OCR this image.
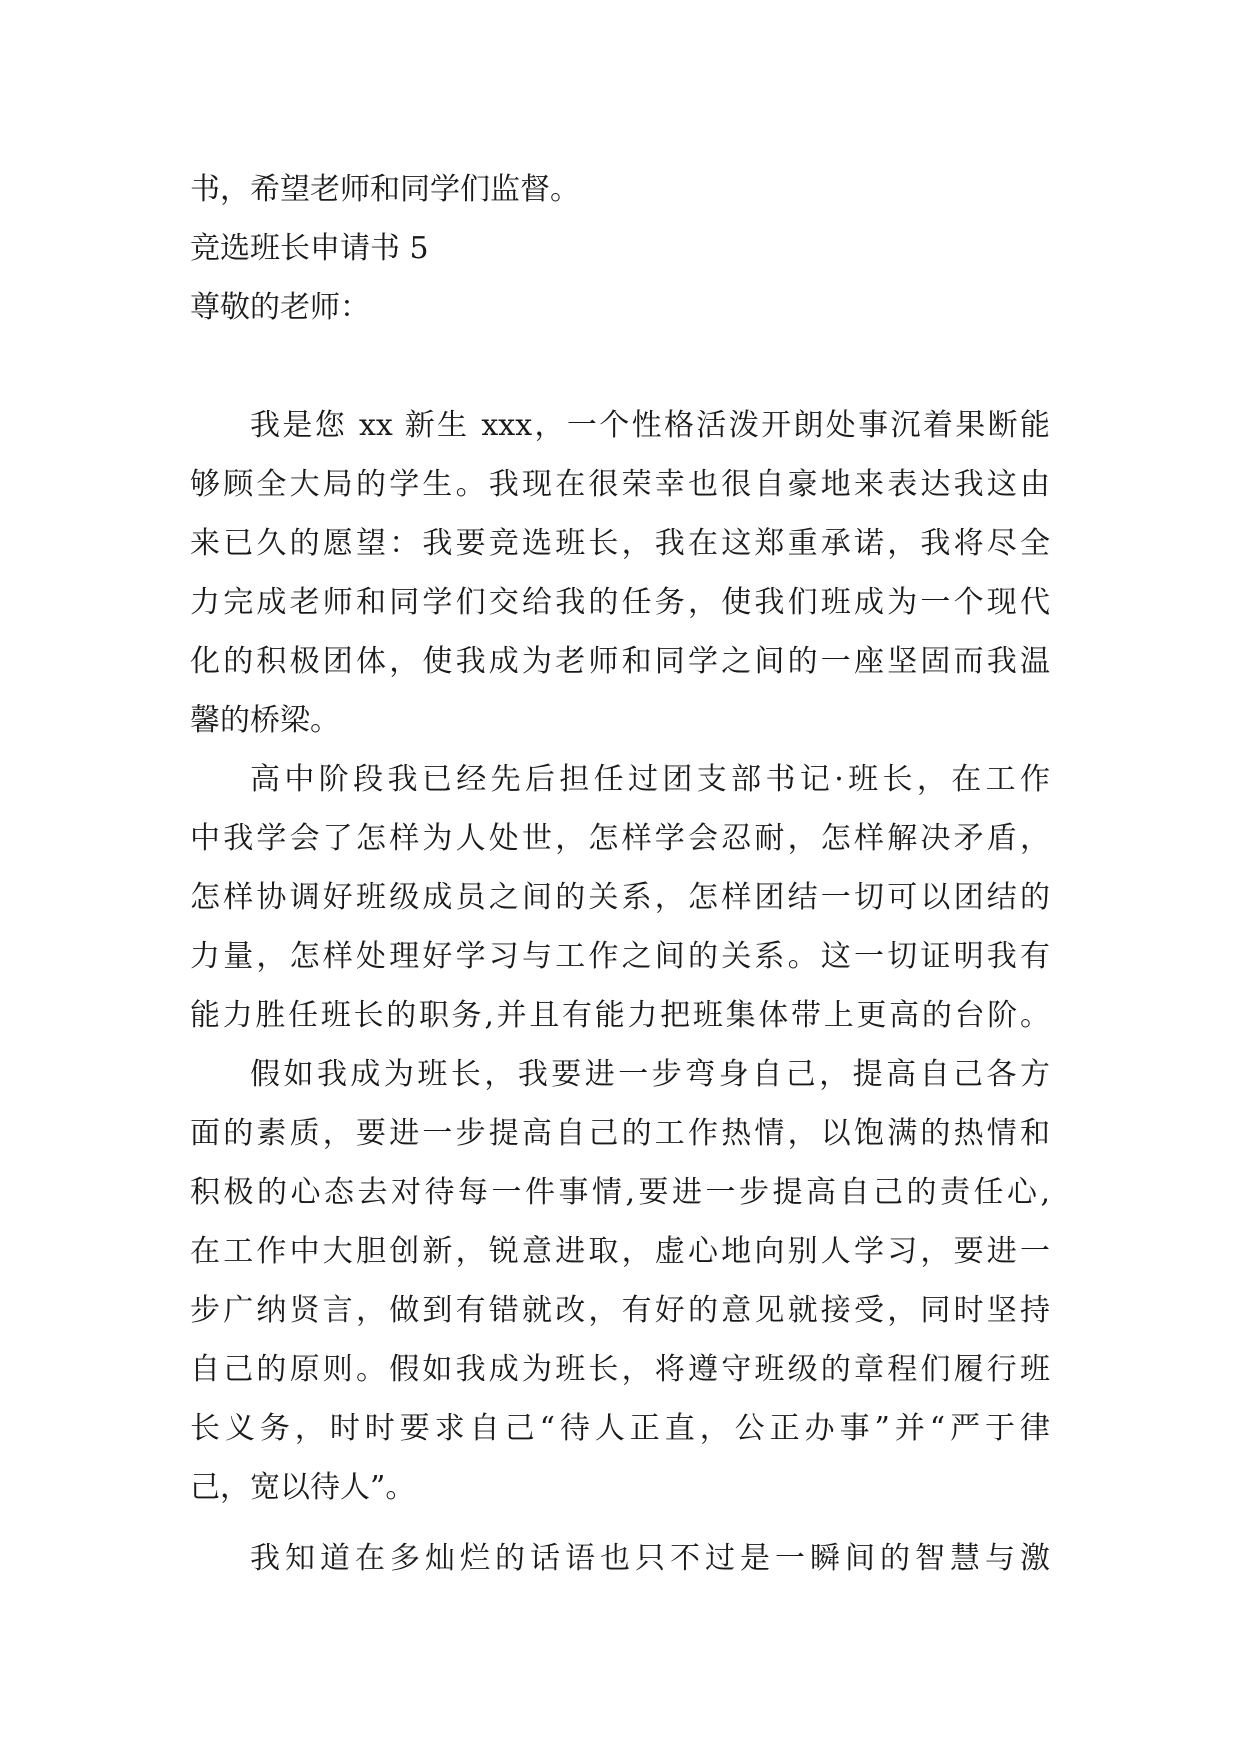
书，希望老师和同学们监督。
竞选班长申请书 5
尊敬的老师：
我是您 xx 新生 xxx，一个性格活泼开朗处事沉着果断能
够顾全大局的学生。我现在很荣幸也很自豪地来表达我这由
来已久的愿望：我要竞选班长，我在这郑重承诺，我将尽全
力完成老师和同学们交给我的任务，使我们班成为一个现代
化的积极团体，使我成为老师和同学之间的一座坚固而我温
馨的桥梁。
高中阶段我已经先后担任过团支部书记·班长，在工作
中我学会了怎样为人处世，怎样学会忍耐，怎样解决矛盾，
怎样协调好班级成员之间的关系，怎样团结一切可以团结的
力量，怎样处理好学习与工作之间的关系。这一切证明我有
能力胜任班长的职务,并且有能力把班集体带上更高的台阶。
假如我成为班长，我要进一步弯身自己，提高自己各方
面的素质，要进一步提高自己的工作热情，以饱满的热情和
积极的心态去对待每一件事情,要进一步提高自己的责任心,
在工作中大胆创新，锐意进取，虚心地向别人学习，要进一
步广纳贤言，做到有错就改，有好的意见就接受，同时坚持
自己的原则。假如我成为班长，将遵守班级的章程们履行班
长义务，时时要求自己“待人正直，公正办事”并“严于律
己，宽以待人”。
我知道在多灿烂的话语也只不过是一瞬间的智慧与激
